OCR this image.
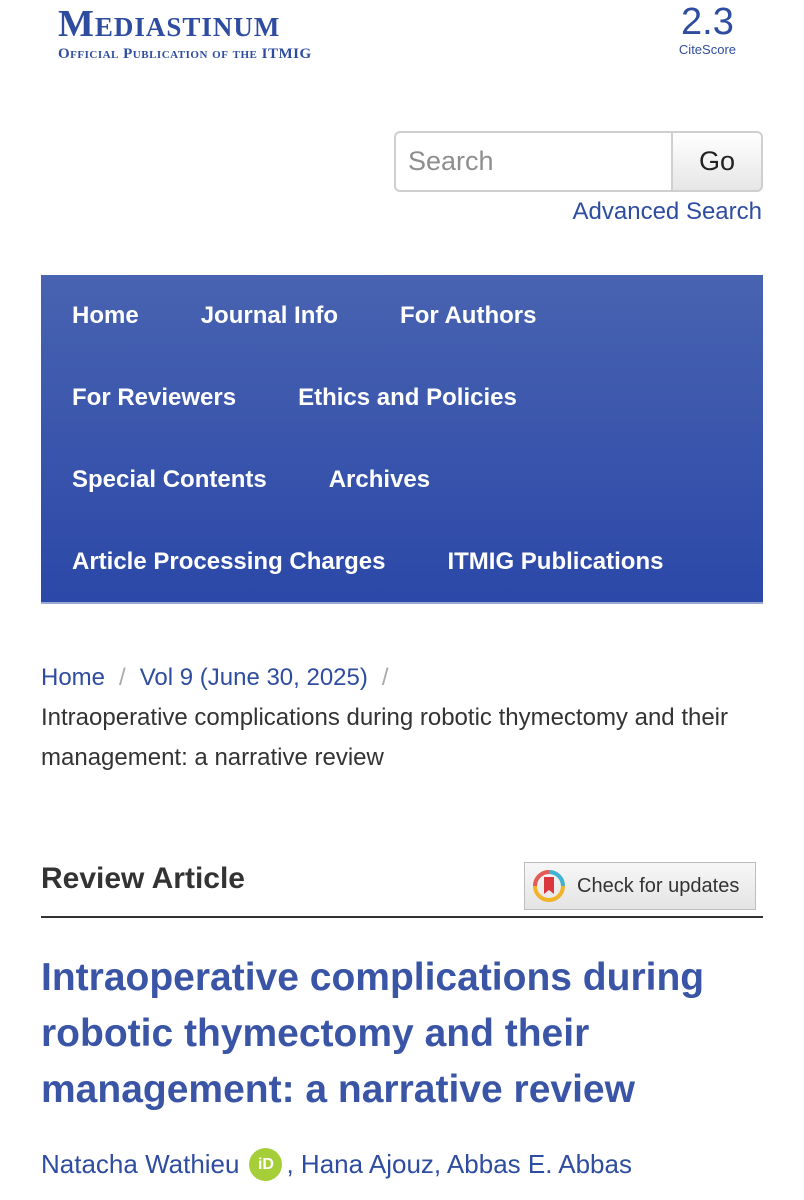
Mediastinum
Official Publication of the ITMIG
2.3
CiteScore
Search
Go
Advanced Search
Home	Journal Info	For Authors
For Reviewers	Ethics and Policies
Special Contents	Archives
Article Processing Charges	ITMIG Publications
Home / Vol 9 (June 30, 2025) /
Intraoperative complications during robotic thymectomy and their management: a narrative review
Review Article	Check for updates
Intraoperative complications during robotic thymectomy and their management: a narrative review
Natacha Wathieu	iD , Hana Ajouz, Abbas E. Abbas
